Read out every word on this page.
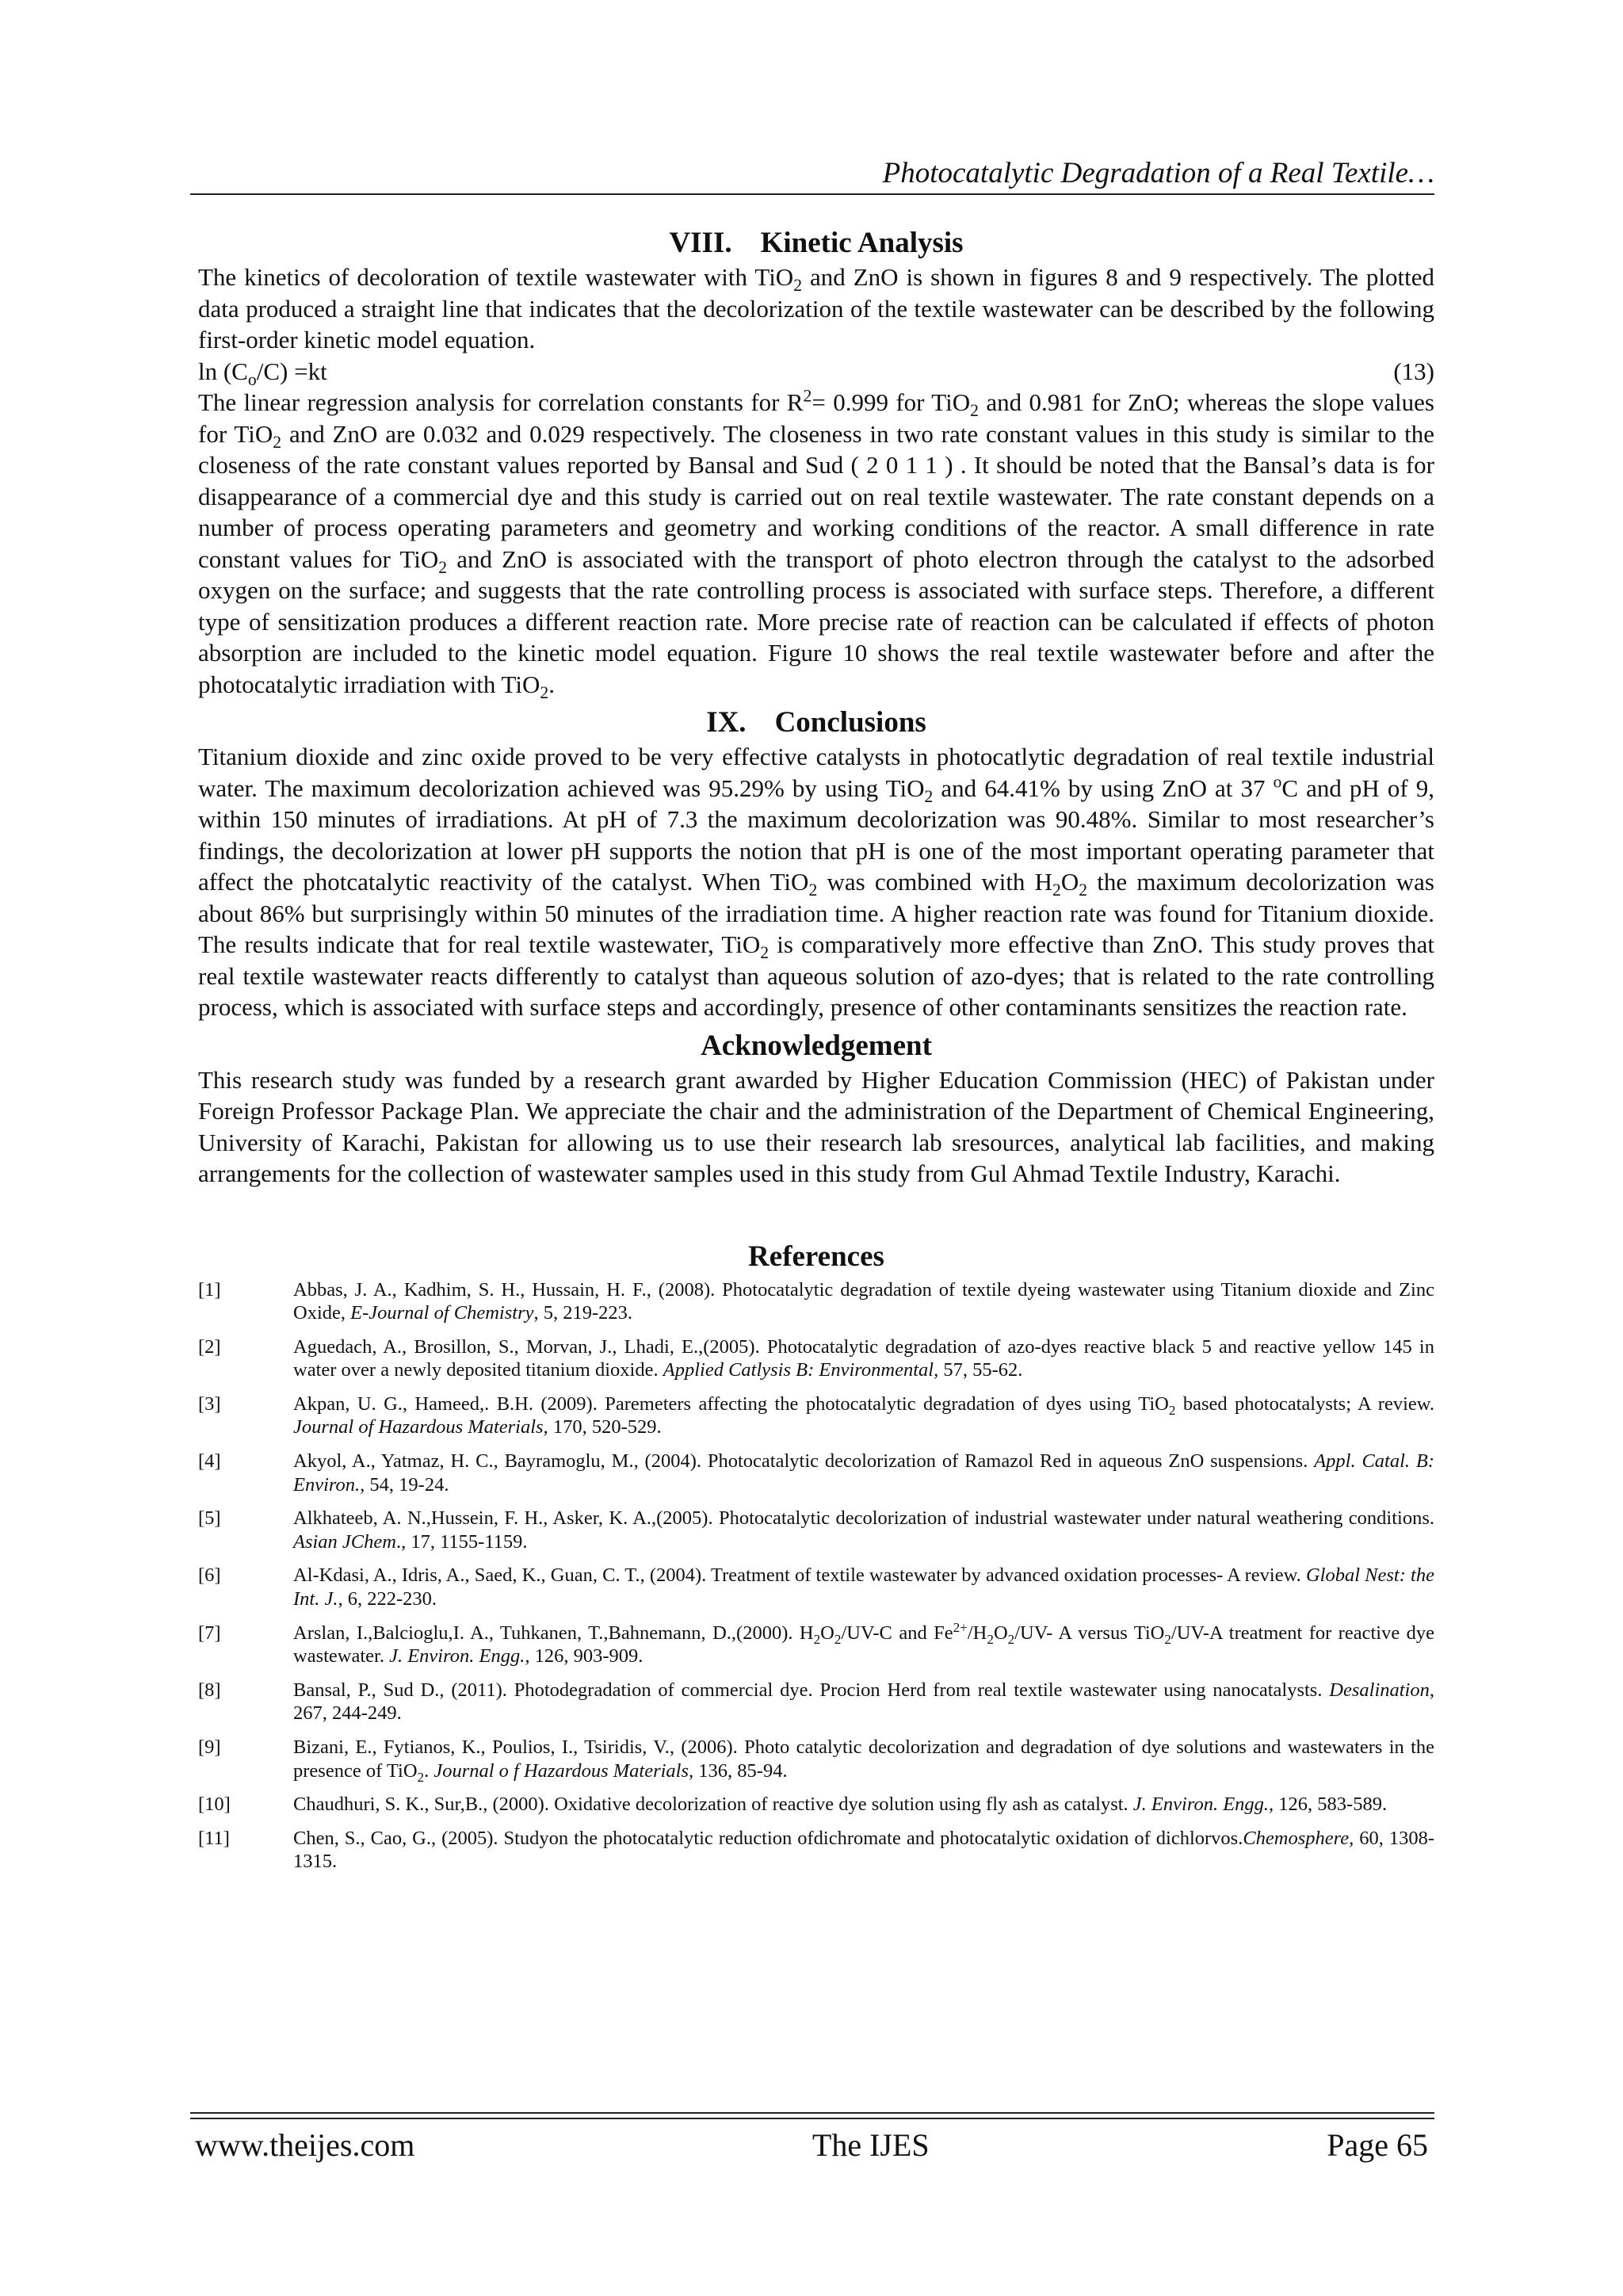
Photocatalytic Degradation of a Real Textile…
VIII. Kinetic Analysis

The kinetics of decoloration of textile wastewater with TiO$_2$ and ZnO is shown in figures 8 and 9 respectively. The plotted data produced a straight line that indicates that the decolorization of the textile wastewater can be described by the following first-order kinetic model equation.

$\ln (C_o/C) =kt$	(13)

The linear regression analysis for correlation constants for $R^2= 0.999$ for TiO$_2$ and 0.981 for ZnO; whereas the slope values for TiO$_2$ and ZnO are 0.032 and 0.029 respectively. The closeness in two rate constant values in this study is similar to the closeness of the rate constant values reported by Bansal and Sud ( 2 0 1 1 ) . It should be noted that the Bansal’s data is for disappearance of a commercial dye and this study is carried out on real textile wastewater. The rate constant depends on a number of process operating parameters and geometry and working conditions of the reactor. A small difference in rate constant values for TiO$_2$ and ZnO is associated with the transport of photo electron through the catalyst to the adsorbed oxygen on the surface; and suggests that the rate controlling process is associated with surface steps. Therefore, a different type of sensitization produces a different reaction rate. More precise rate of reaction can be calculated if effects of photon absorption are included to the kinetic model equation. Figure 10 shows the real textile wastewater before and after the photocatalytic irradiation with TiO$_2$.

IX. Conclusions

Titanium dioxide and zinc oxide proved to be very effective catalysts in photocatlytic degradation of real textile industrial water. The maximum decolorization achieved was 95.29% by using TiO$_2$ and 64.41% by using ZnO at 37 $^o$C and pH of 9, within 150 minutes of irradiations. At pH of 7.3 the maximum decolorization was 90.48%. Similar to most researcher’s findings, the decolorization at lower pH supports the notion that pH is one of the most important operating parameter that affect the photcatalytic reactivity of the catalyst. When TiO$_2$ was combined with $H_2O_2$ the maximum decolorization was about 86% but surprisingly within 50 minutes of the irradiation time. A higher reaction rate was found for Titanium dioxide. The results indicate that for real textile wastewater, TiO$_2$ is comparatively more effective than ZnO. This study proves that real textile wastewater reacts differently to catalyst than aqueous solution of azo-dyes; that is related to the rate controlling process, which is associated with surface steps and accordingly, presence of other contaminants sensitizes the reaction rate.

Acknowledgement

This research study was funded by a research grant awarded by Higher Education Commission (HEC) of Pakistan under Foreign Professor Package Plan. We appreciate the chair and the administration of the Department of Chemical Engineering, University of Karachi, Pakistan for allowing us to use their research lab sresources, analytical lab facilities, and making arrangements for the collection of wastewater samples used in this study from Gul Ahmad Textile Industry, Karachi.

References
[1]	Abbas, J. A., Kadhim, S. H., Hussain, H. F., (2008). Photocatalytic degradation of textile dyeing wastewater using Titanium dioxide and Zinc Oxide, E-Journal of Chemistry, 5, 219-223.
[2]	Aguedach, A., Brosillon, S., Morvan, J., Lhadi, E.,(2005). Photocatalytic degradation of azo-dyes reactive black 5 and reactive yellow 145 in water over a newly deposited titanium dioxide. Applied Catlysis B: Environmental, 57, 55-62.
[3]	Akpan, U. G., Hameed,. B.H. (2009). Paremeters affecting the photocatalytic degradation of dyes using TiO$_2$ based photocatalysts; A review. Journal of Hazardous Materials, 170, 520-529.
[4]	Akyol, A., Yatmaz, H. C., Bayramoglu, M., (2004). Photocatalytic decolorization of Ramazol Red in aqueous ZnO suspensions. Appl. Catal. B: Environ., 54, 19-24.
[5]	Alkhateeb, A. N.,Hussein, F. H., Asker, K. A.,(2005). Photocatalytic decolorization of industrial wastewater under natural weathering conditions. Asian JChem., 17, 1155-1159.
[6]	Al-Kdasi, A., Idris, A., Saed, K., Guan, C. T., (2004). Treatment of textile wastewater by advanced oxidation processes- A review. Global Nest: the Int. J., 6, 222-230.
[7]	Arslan, I.,Balcioglu,I. A., Tuhkanen, T.,Bahnemann, D.,(2000). $H_2O_2/UV-C$ and $Fe^{2+}/H_2O_2/UV-$ A versus TiO$_2$/UV-A treatment for reactive dye wastewater. J. Environ. Engg., 126, 903-909.
[8]	Bansal, P., Sud D., (2011). Photodegradation of commercial dye. Procion Herd from real textile wastewater using nanocatalysts. Desalination, 267, 244-249.
[9]	Bizani, E., Fytianos, K., Poulios, I., Tsiridis, V., (2006). Photo catalytic decolorization and degradation of dye solutions and wastewaters in the presence of TiO$_2$. Journal o f Hazardous Materials, 136, 85-94.
[10]	Chaudhuri, S. K., Sur,B., (2000). Oxidative decolorization of reactive dye solution using fly ash as catalyst. J. Environ. Engg., 126, 583-589.
[11]	Chen, S., Cao, G., (2005). Studyon the photocatalytic reduction ofdichromate and photocatalytic oxidation of dichlorvos.Chemosphere, 60, 1308-1315.
www.theijes.com	The IJES	Page 65
